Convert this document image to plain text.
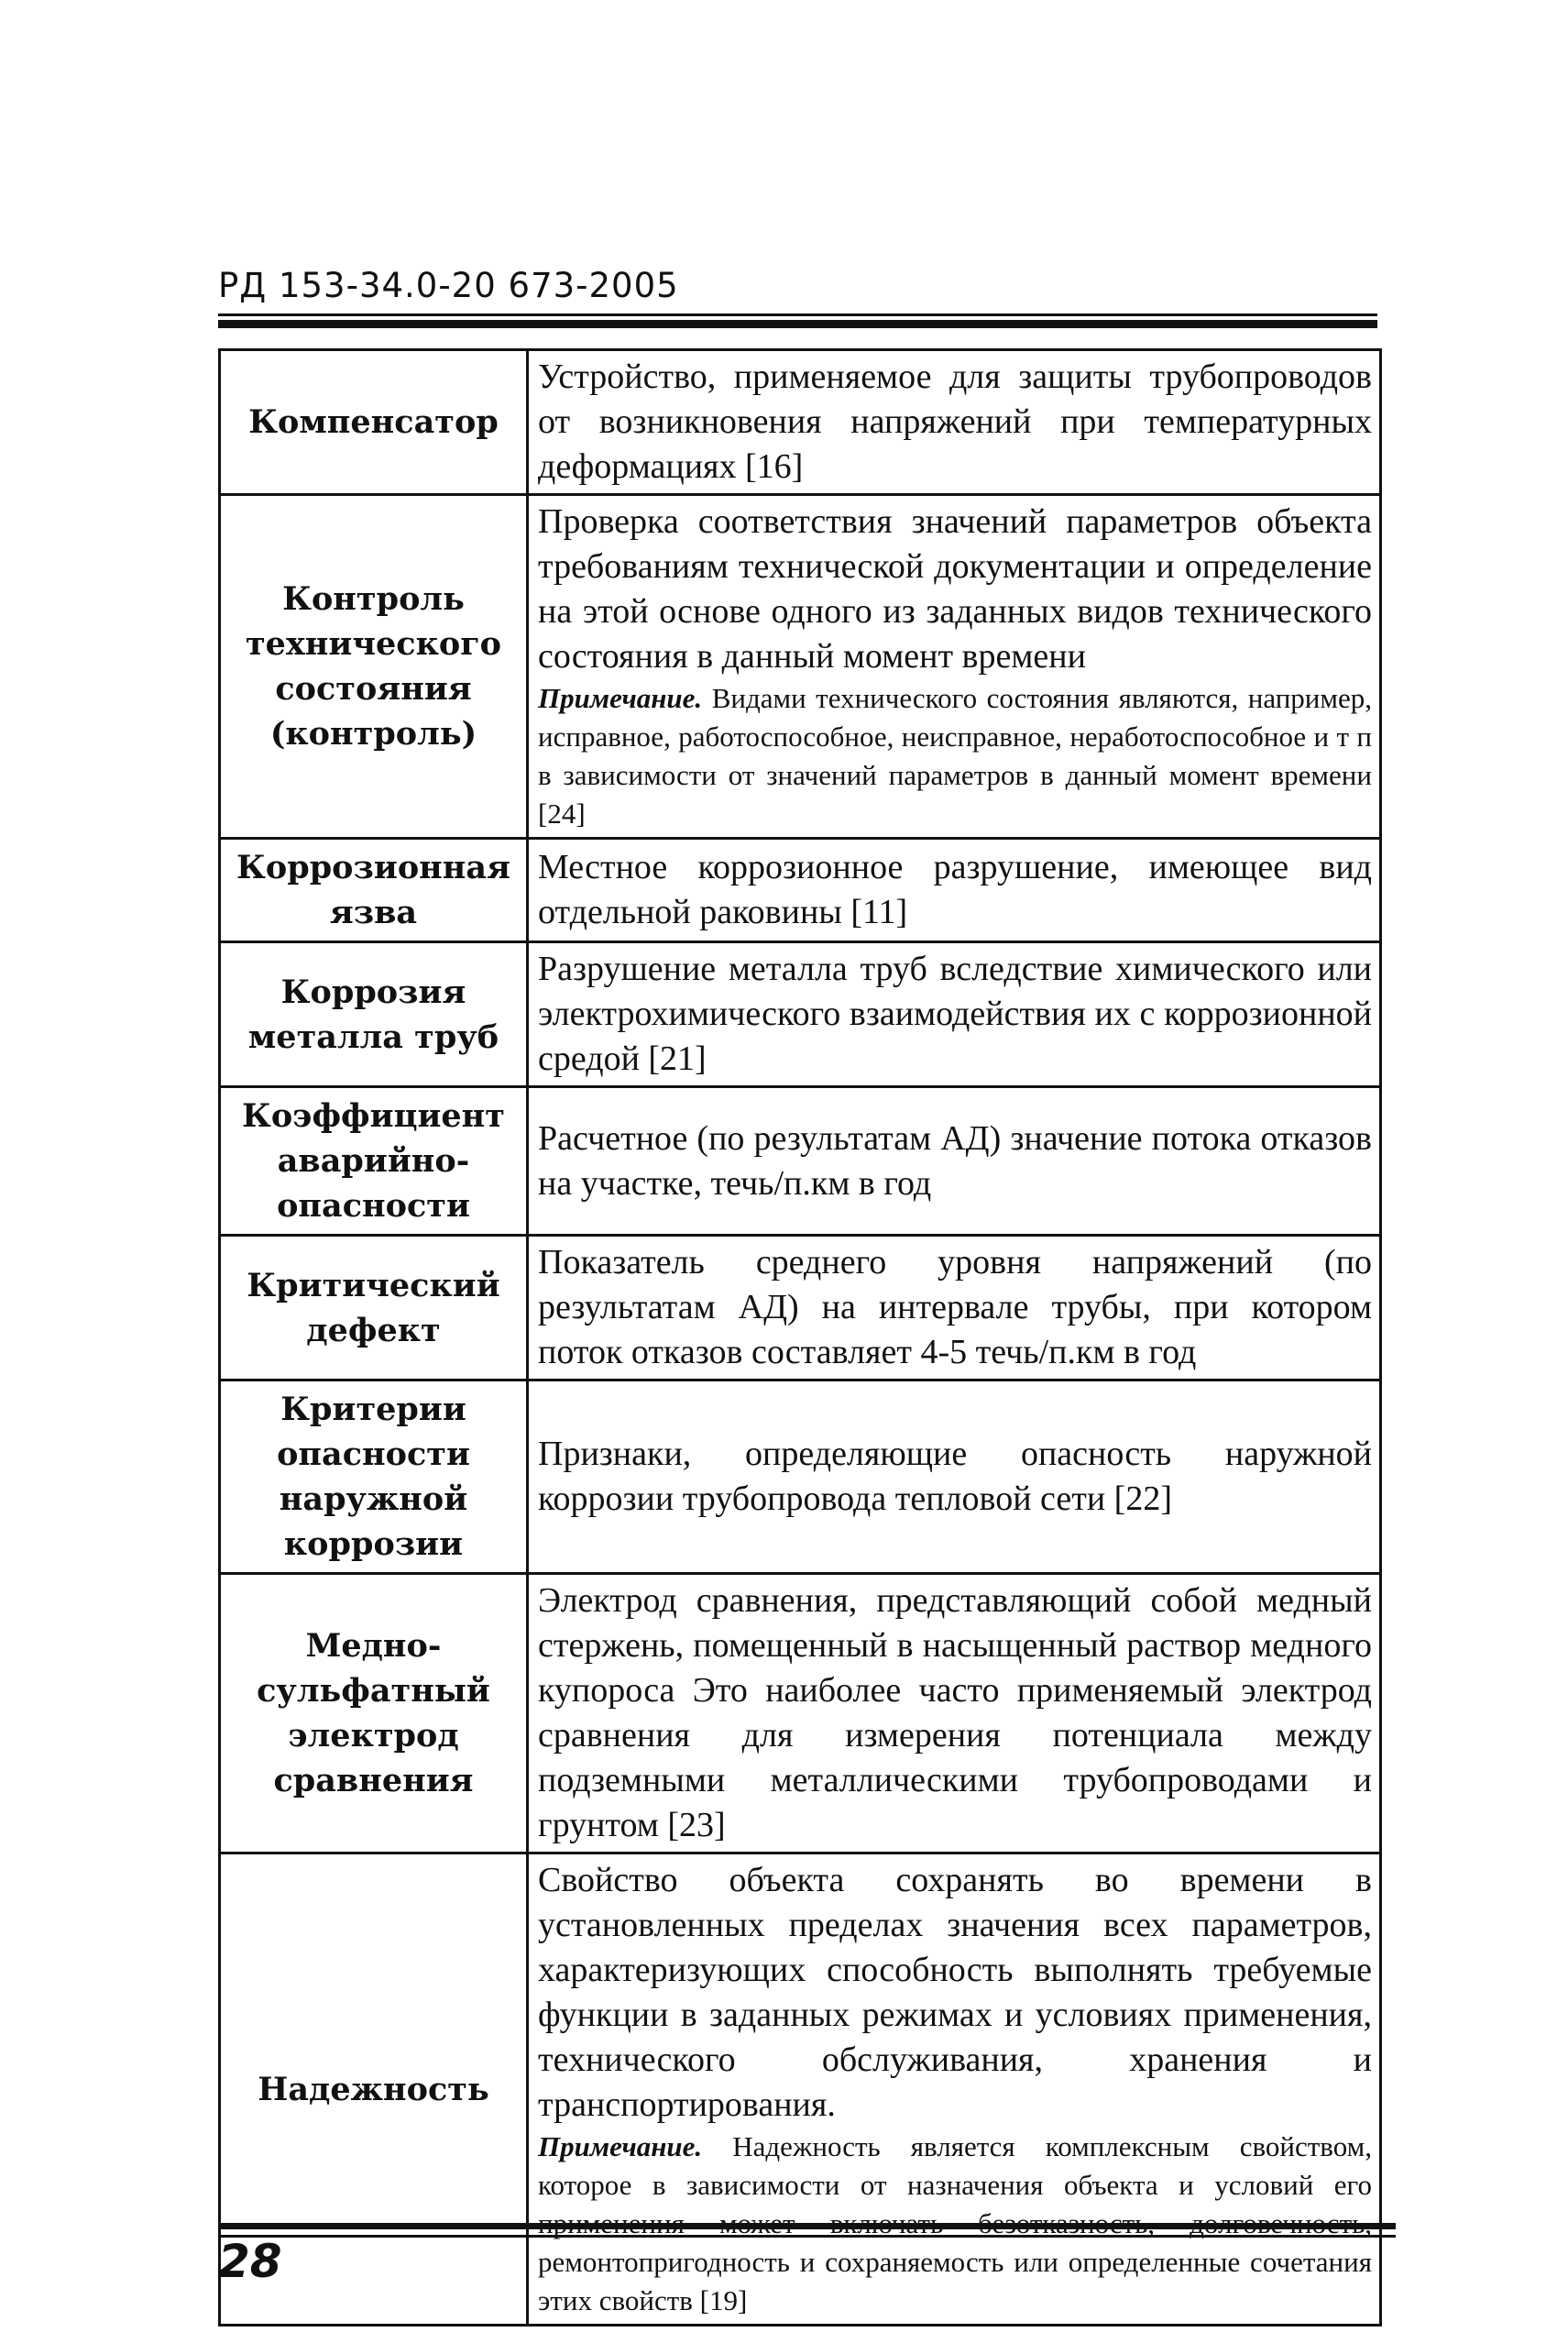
РД 153-34.0-20 673-2005
Компенсатор	Устройство, применяемое для защиты трубопроводов от возникновения напряжений при температурных деформациях [16]
Контроль технического состояния (контроль)	Проверка соответствия значений параметров объекта требованиям технической документации и определение на этой основе одного из заданных видов технического состояния в данный момент времени
Примечание. Видами технического состояния являются, например, исправное, работоспособное, неисправное, неработоспособное и т п в зависимости от значений параметров в данный момент времени [24]

Коррозионная язва	Местное коррозионное разрушение, имеющее вид отдельной раковины [11]
Коррозия металла труб	Разрушение металла труб вследствие химического или электрохимического взаимодействия их с коррозионной средой [21]
Коэффициент аварийно-опасности	Расчетное (по результатам АД) значение потока отказов на участке, течь/п.км в год
Критический дефект	Показатель среднего уровня напряжений (по результатам АД) на интервале трубы, при котором поток отказов составляет 4-5 течь/п.км в год
Критерии опасности наружной коррозии	Признаки, определяющие опасность наружной коррозии трубопровода тепловой сети [22]
Медно-сульфатный электрод сравнения	Электрод сравнения, представляющий собой медный стержень, помещенный в насыщенный раствор медного купороса Это наиболее часто применяемый электрод сравнения для измерения потенциала между подземными металлическими трубопроводами и грунтом [23]
Надежность	Свойство объекта сохранять во времени в установленных пределах значения всех параметров, характеризующих способность выполнять требуемые функции в заданных режимах и условиях применения, технического обслуживания, хранения и транспортирования.
Примечание. Надежность является комплексным свойством, которое в зависимости от назначения объекта и условий его ремонтопригодность и сохраняемость или определенные сочетания этих свойств [19]
28
